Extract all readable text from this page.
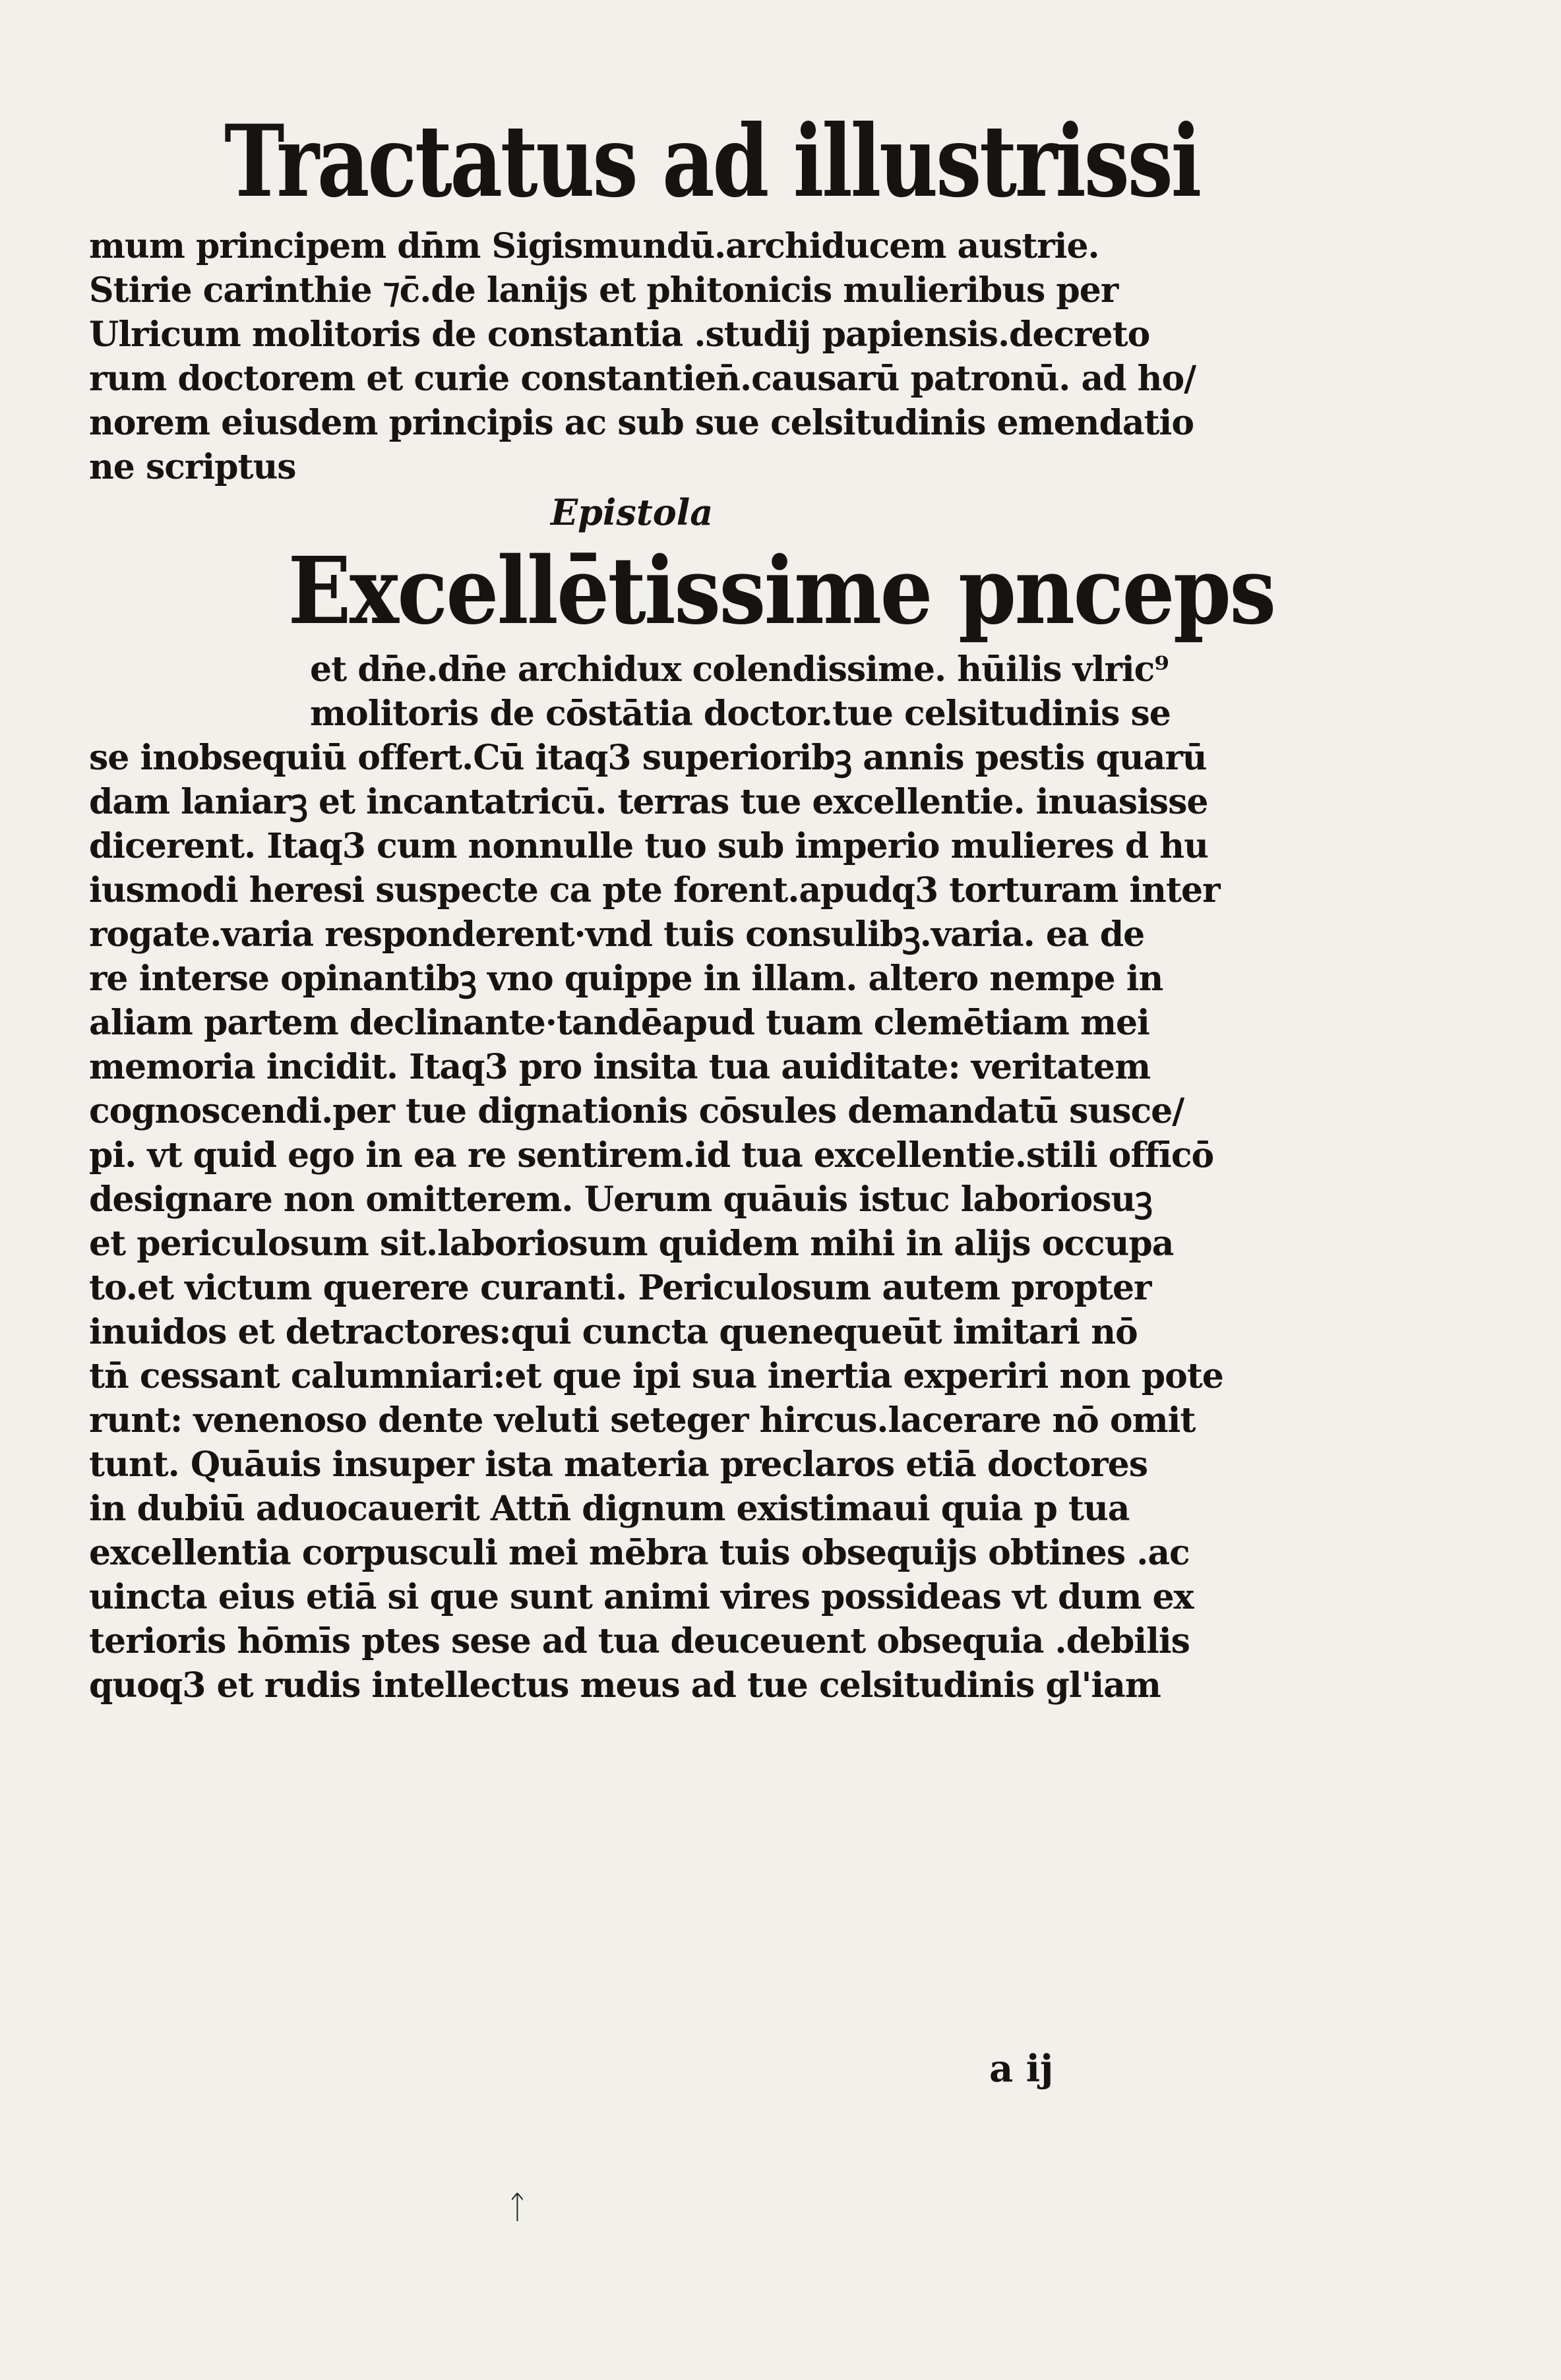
Tractatus ad illustrissi
mum principem dn̄m Sigismundū.archiducem austrie.
Stirie carinthie ⁊c̄.de lanijs et phitonicis mulieribus per
Ulricum molitoris de constantia .studij papiensis.decreto
rum doctorem et curie constantien̄.causarū patronū. ad ho/
norem eiusdem principis ac sub sue celsitudinis emendatio
ne scriptus
Epistola
Excellētissime pnceps
et dn̄e.dn̄e archidux colendissime. hūilis vlric⁹
molitoris de cōstātia doctor.tue celsitudinis se
se inobsequiū offert.Cū itaq3 superioribꝫ annis pestis quarū
dam laniarꝫ et incantatricū. terras tue excellentie. inuasisse
dicerent. Itaq3 cum nonnulle tuo sub imperio mulieres d hu
iusmodi heresi suspecte ca pte forent.apudq3 torturam inter
rogate.varia responderent·vnd tuis consulibꝫ.varia. ea de
re interse opinantibꝫ vno quippe in illam. altero nempe in
aliam partem declinante·tandēapud tuam clemētiam mei
memoria incidit. Itaq3 pro insita tua auiditate: veritatem
cognoscendi.per tue dignationis cōsules demandatū susce/
pi. vt quid ego in ea re sentirem.id tua excellentie.stili offīcō
designare non omitterem. Uerum quāuis istuc laboriosuꝫ
et periculosum sit.laboriosum quidem mihi in alijs occupa
to.et victum querere curanti. Periculosum autem propter
inuidos et detractores:qui cuncta quenequeūt imitari nō
tn̄ cessant calumniari:et que ipi sua inertia experiri non pote
runt: venenoso dente veluti seteger hircus.lacerare nō omit
tunt. Quāuis insuper ista materia preclaros etiā doctores
in dubiū aduocauerit Attn̄ dignum existimaui quia p tua
excellentia corpusculi mei mēbra tuis obsequijs obtines .ac
uincta eius etiā si que sunt animi vires possideas vt dum ex
terioris hōmīs ptes sese ad tua deuceuent obsequia .debilis
quoq3 et rudis intellectus meus ad tue celsitudinis gl'iam
a ij
ᛏ
